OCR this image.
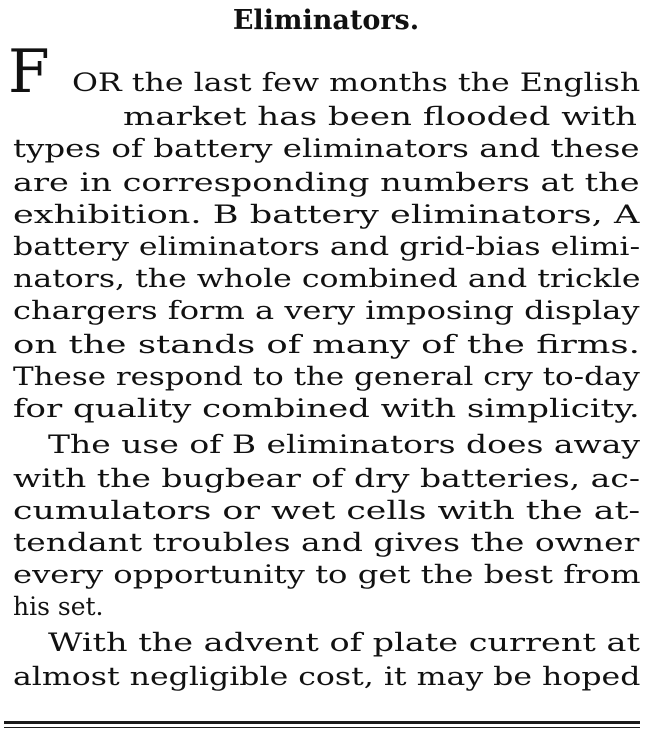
Eliminators.
F OR the last few months the English
market has been flooded with
types of battery eliminators and these
are in corresponding numbers at the
exhibition. B battery eliminators, A
battery eliminators and grid-bias elimi-
nators, the whole combined and trickle
chargers form a very imposing display
on the stands of many of the firms.
These respond to the general cry to-day
for quality combined with simplicity.
The use of B eliminators does away
with the bugbear of dry batteries, ac-
cumulators or wet cells with the at-
tendant troubles and gives the owner
every opportunity to get the best from
his set.
With the advent of plate current at
almost negligible cost, it may be hoped
